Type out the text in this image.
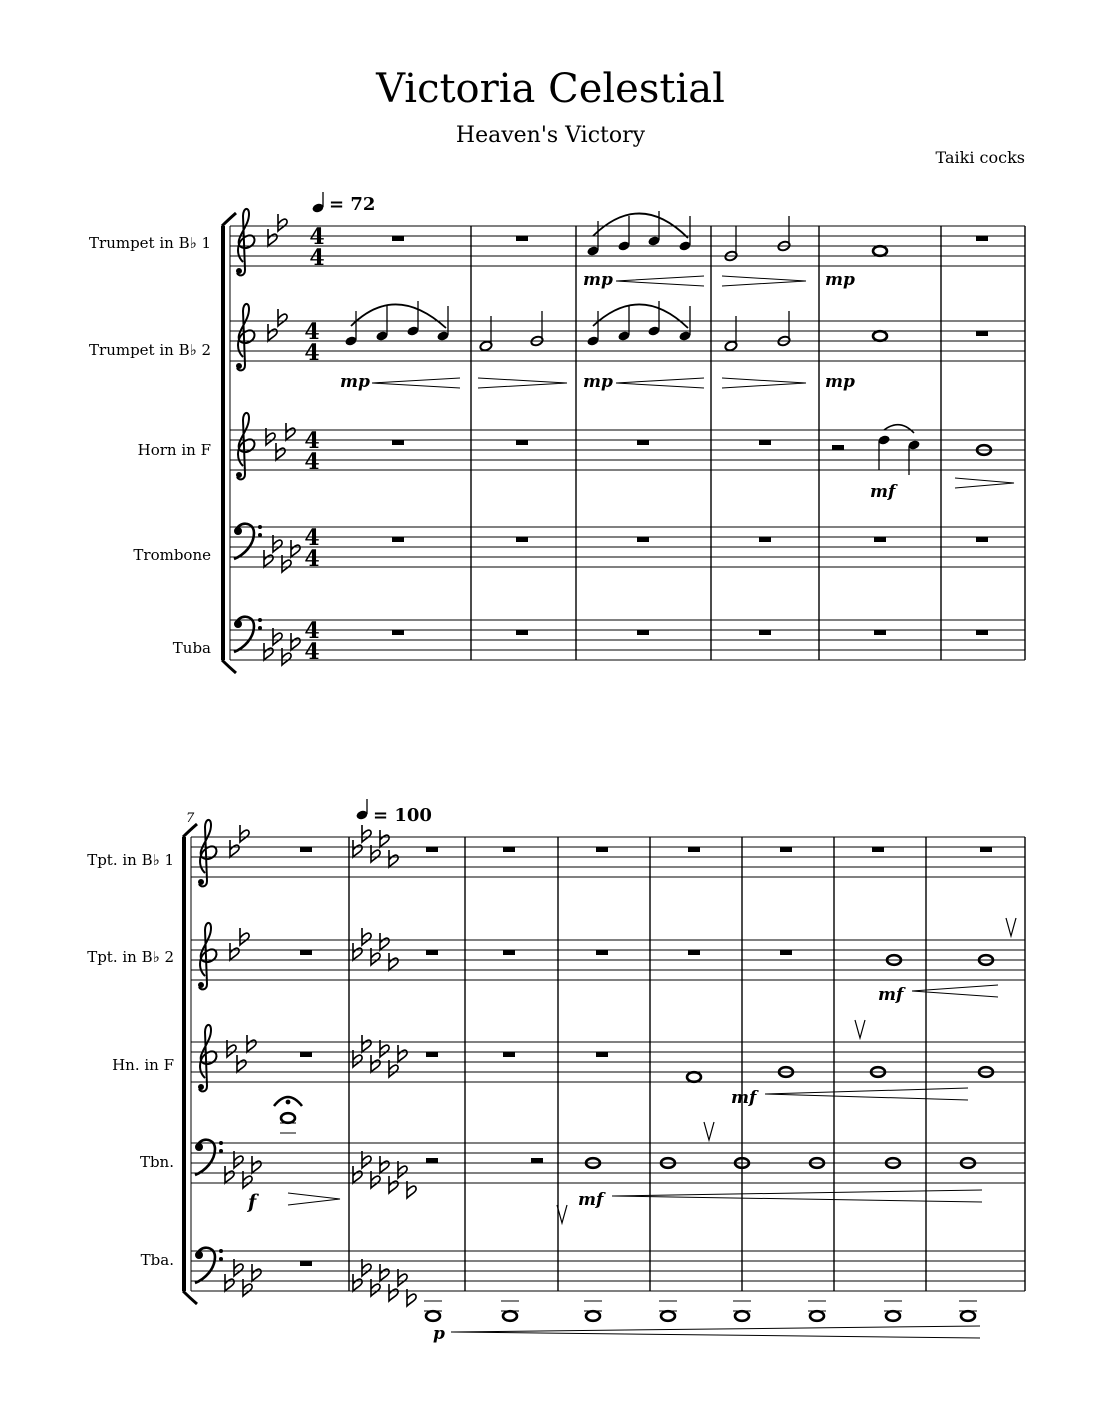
Victoria Celestial
Heaven's Victory
Taiki cocks
Trumpet in B♭ 1
Trumpet in B♭ 2
Horn in F
Trombone
Tuba
4
4
4
4
4
4
4
4
4
4
= 72
mp	mp
mp	mp	mp
mf
7
Tpt. in B♭ 1
Tpt. in B♭ 2
Hn. in F
Tbn.
Tba.
= 100
mf
mf
f	mf
p
